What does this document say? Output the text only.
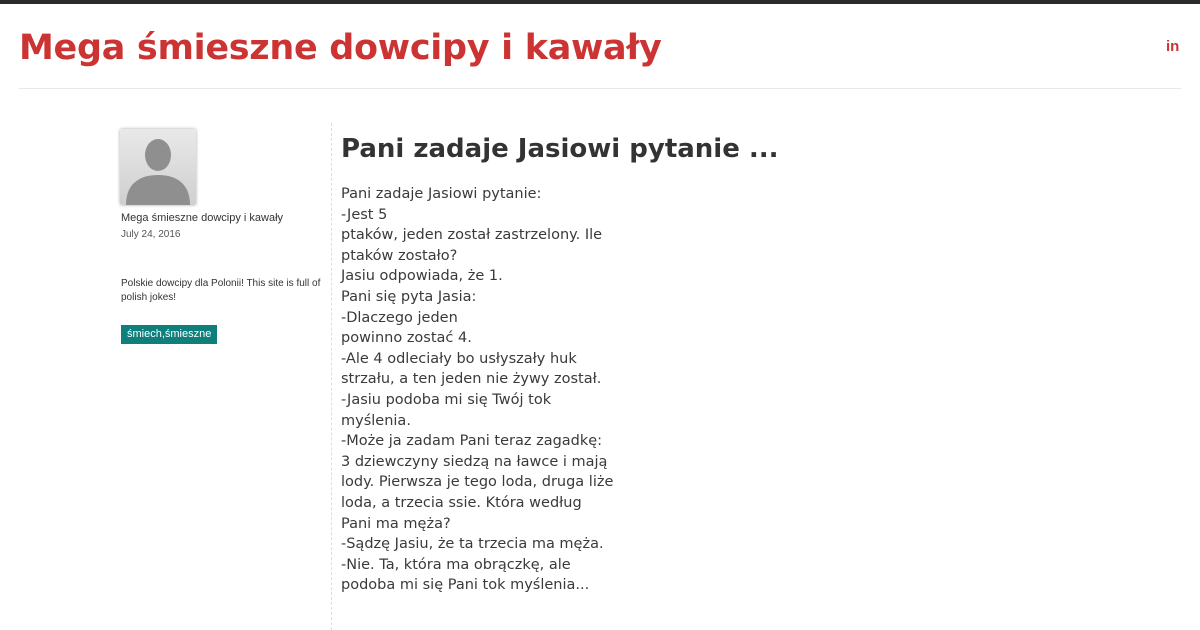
Mega śmieszne dowcipy i kawały	in
Mega śmieszne dowcipy i kawały
July 24, 2016
Polskie dowcipy dla Polonii! This site is full of polish jokes!
śmiech,śmieszne
Pani zadaje Jasiowi pytanie ...
Pani zadaje Jasiowi pytanie:
-Jest 5
ptaków, jeden został zastrzelony. Ile
ptaków zostało?
Jasiu odpowiada, że 1.
Pani się pyta Jasia:
-Dlaczego jeden
powinno zostać 4.
-Ale 4 odleciały bo usłyszały huk
strzału, a ten jeden nie żywy został.
-Jasiu podoba mi się Twój tok
myślenia.
-Może ja zadam Pani teraz zagadkę:
3 dziewczyny siedzą na ławce i mają
lody. Pierwsza je tego loda, druga liże
loda, a trzecia ssie. Która według
Pani ma męża?
-Sądzę Jasiu, że ta trzecia ma męża.
-Nie. Ta, która ma obrączkę, ale
podoba mi się Pani tok myślenia...
